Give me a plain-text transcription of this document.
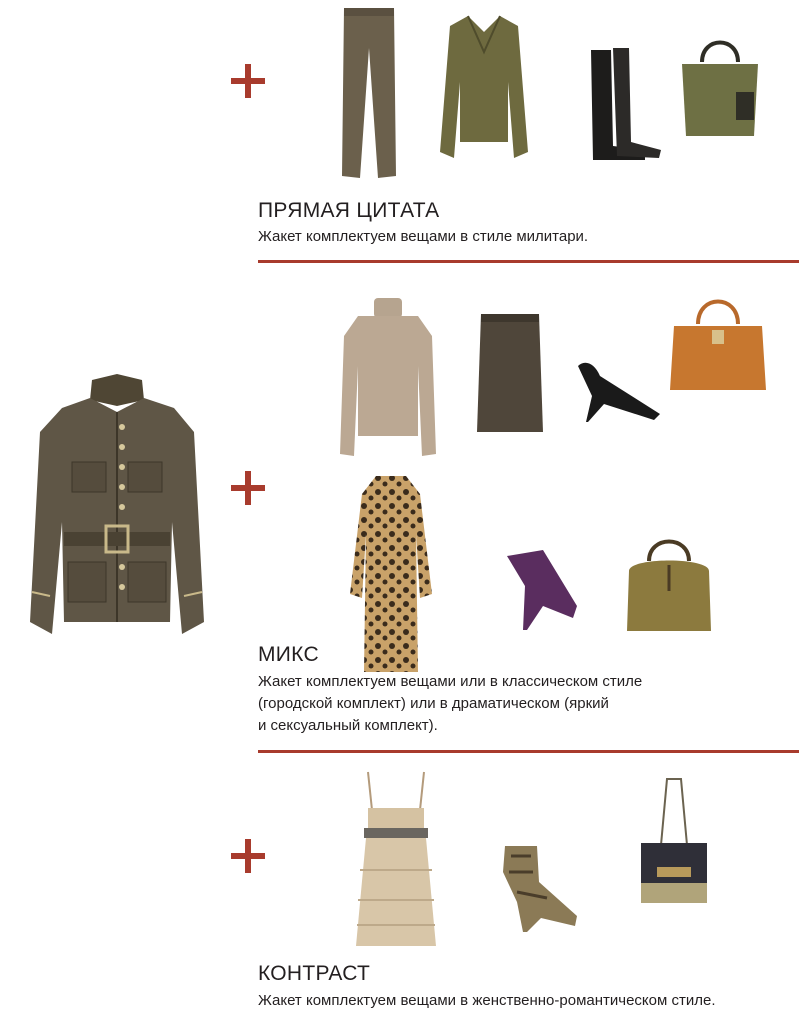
ПРЯМАЯ ЦИТАТА
Жакет комплектуем вещами в стиле милитари.
МИКС
Жакет комплектуем вещами или в классическом стиле
(городской комплект) или в драматическом (яркий
и сексуальный комплект).
КОНТРАСТ
Жакет комплектуем вещами в женственно-романтическом стиле.
